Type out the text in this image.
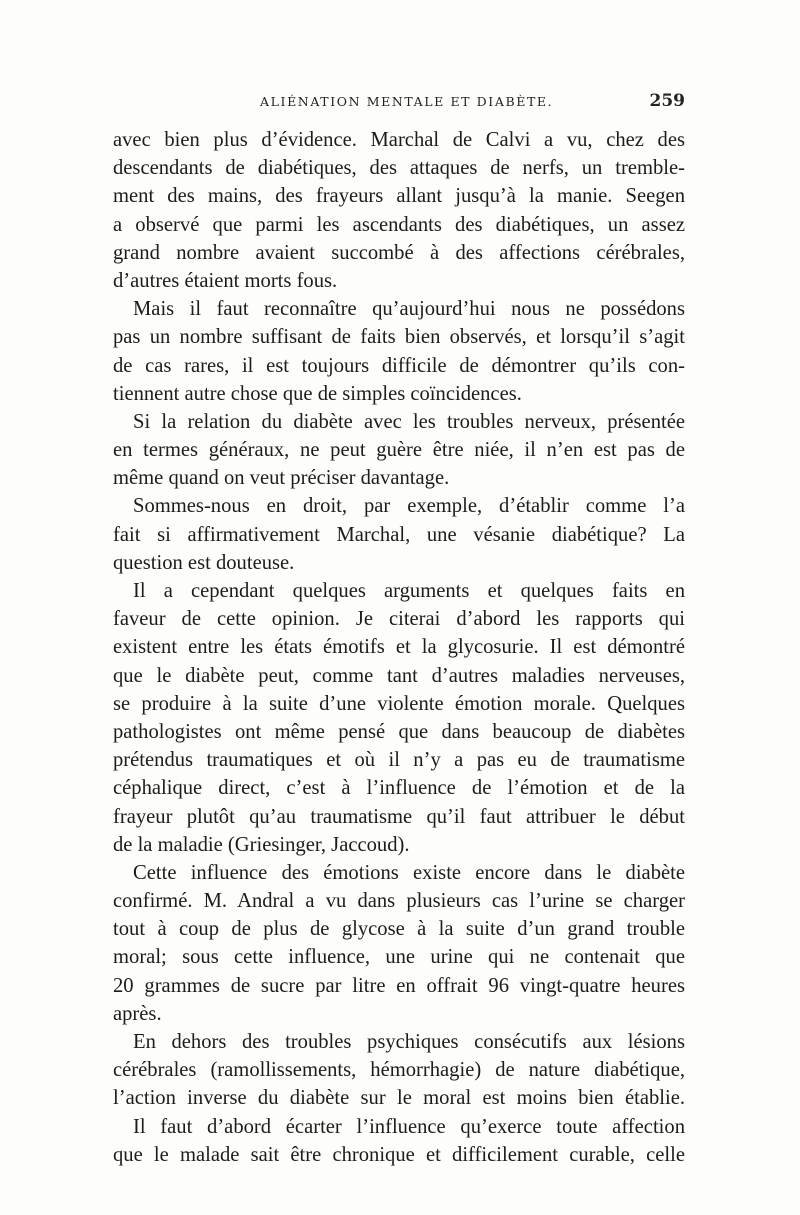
ALIÉNATION MENTALE ET DIABÈTE.	259
avec bien plus d’évidence. Marchal de Calvi a vu, chez des
descendants de diabétiques, des attaques de nerfs, un tremble-
ment des mains, des frayeurs allant jusqu’à la manie. Seegen
a observé que parmi les ascendants des diabétiques, un assez
grand nombre avaient succombé à des affections cérébrales,
d’autres étaient morts fous.
Mais il faut reconnaître qu’aujourd’hui nous ne possédons
pas un nombre suffisant de faits bien observés, et lorsqu’il s’agit
de cas rares, il est toujours difficile de démontrer qu’ils con-
tiennent autre chose que de simples coïncidences.
Si la relation du diabète avec les troubles nerveux, présentée
en termes généraux, ne peut guère être niée, il n’en est pas de
même quand on veut préciser davantage.
Sommes-nous en droit, par exemple, d’établir comme l’a
fait si affirmativement Marchal, une vésanie diabétique? La
question est douteuse.
Il a cependant quelques arguments et quelques faits en
faveur de cette opinion. Je citerai d’abord les rapports qui
existent entre les états émotifs et la glycosurie. Il est démontré
que le diabète peut, comme tant d’autres maladies nerveuses,
se produire à la suite d’une violente émotion morale. Quelques
pathologistes ont même pensé que dans beaucoup de diabètes
prétendus traumatiques et où il n’y a pas eu de traumatisme
céphalique direct, c’est à l’influence de l’émotion et de la
frayeur plutôt qu’au traumatisme qu’il faut attribuer le début
de la maladie (Griesinger, Jaccoud).
Cette influence des émotions existe encore dans le diabète
confirmé. M. Andral a vu dans plusieurs cas l’urine se charger
tout à coup de plus de glycose à la suite d’un grand trouble
moral; sous cette influence, une urine qui ne contenait que
20 grammes de sucre par litre en offrait 96 vingt-quatre heures
après.
En dehors des troubles psychiques consécutifs aux lésions
cérébrales (ramollissements, hémorrhagie) de nature diabétique,
l’action inverse du diabète sur le moral est moins bien établie.
Il faut d’abord écarter l’influence qu’exerce toute affection
que le malade sait être chronique et difficilement curable, celle
